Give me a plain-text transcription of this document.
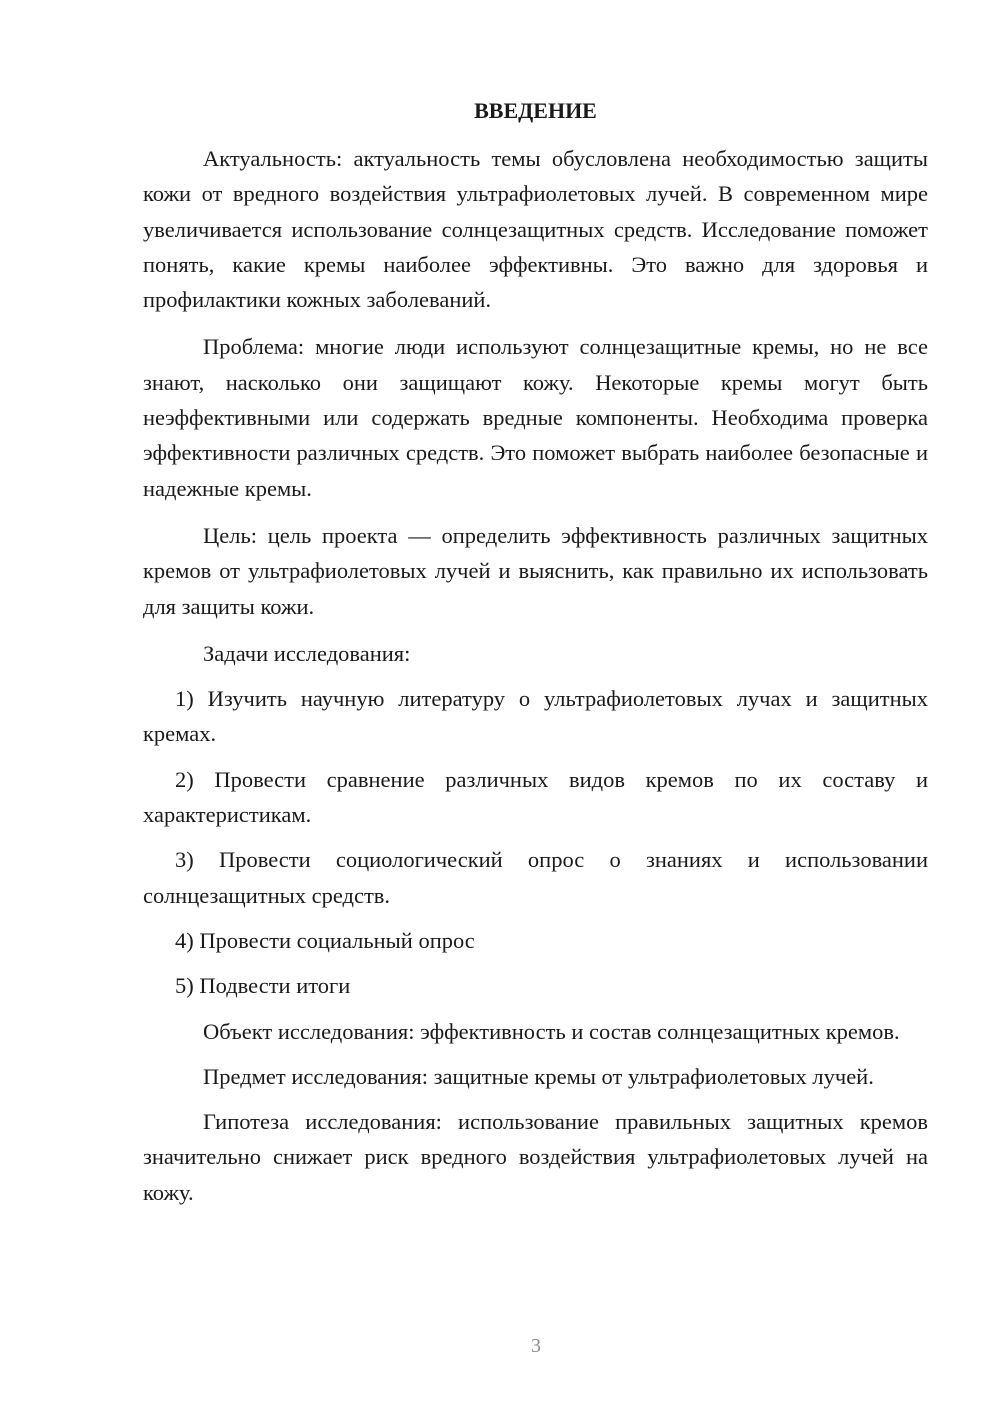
ВВЕДЕНИЕ

Актуальность: актуальность темы обусловлена необходимостью защиты кожи от вредного воздействия ультрафиолетовых лучей. В современном мире увеличивается использование солнцезащитных средств. Исследование поможет понять, какие кремы наиболее эффективны. Это важно для здоровья и профилактики кожных заболеваний.

Проблема: многие люди используют солнцезащитные кремы, но не все знают, насколько они защищают кожу. Некоторые кремы могут быть неэффективными или содержать вредные компоненты. Необходима проверка эффективности различных средств. Это поможет выбрать наиболее безопасные и надежные кремы.

Цель: цель проекта — определить эффективность различных защитных кремов от ультрафиолетовых лучей и выяснить, как правильно их использовать для защиты кожи.

Задачи исследования:

1) Изучить научную литературу о ультрафиолетовых лучах и защитных кремах.

2) Провести сравнение различных видов кремов по их составу и характеристикам.

3) Провести социологический опрос о знаниях и использовании солнцезащитных средств.

4) Провести социальный опрос

5) Подвести итоги

Объект исследования: эффективность и состав солнцезащитных кремов.

Предмет исследования: защитные кремы от ультрафиолетовых лучей.

Гипотеза исследования: использование правильных защитных кремов значительно снижает риск вредного воздействия ультрафиолетовых лучей на кожу.

3
